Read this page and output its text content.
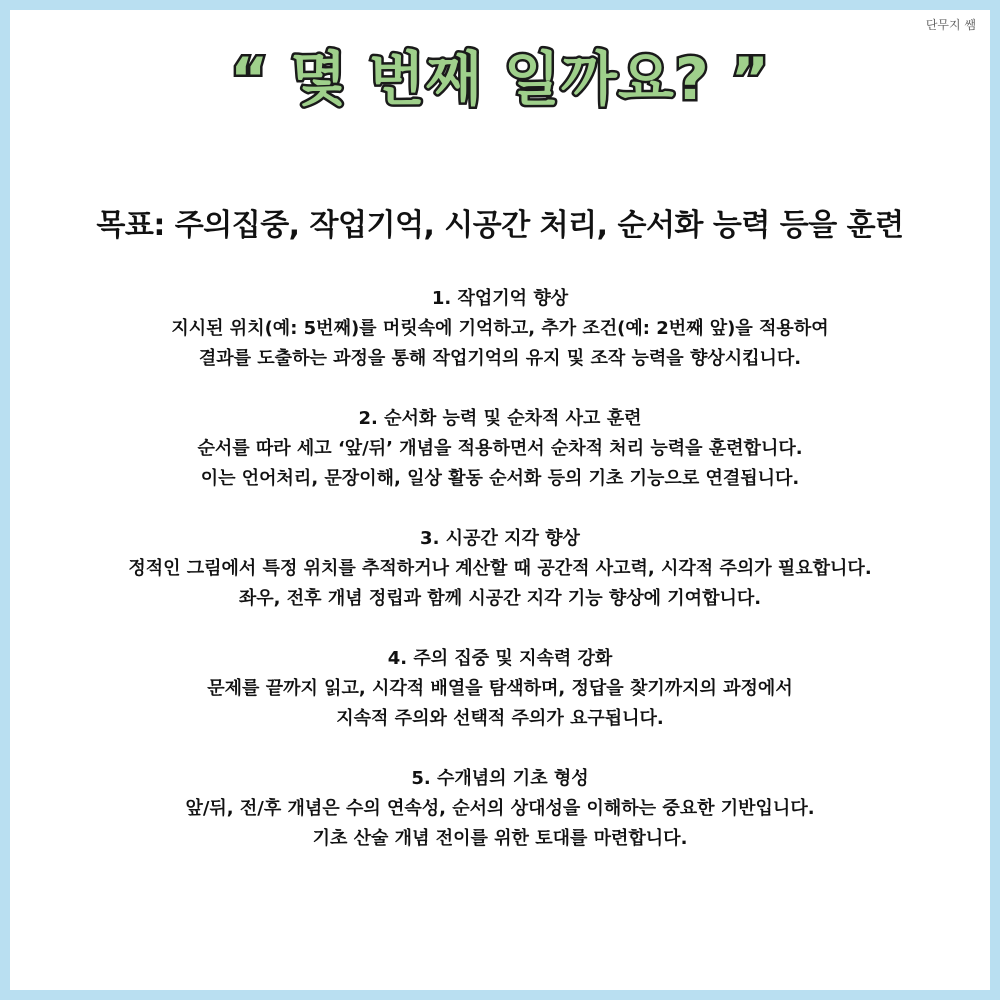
단무지 쌤
“ 몇 번째 일까요? ”
목표: 주의집중, 작업기억, 시공간 처리, 순서화 능력 등을 훈련
1. 작업기억 향상
지시된 위치(예: 5번째)를 머릿속에 기억하고, 추가 조건(예: 2번째 앞)을 적용하여
결과를 도출하는 과정을 통해 작업기억의 유지 및 조작 능력을 향상시킵니다.
2. 순서화 능력 및 순차적 사고 훈련
순서를 따라 세고 ‘앞/뒤’ 개념을 적용하면서 순차적 처리 능력을 훈련합니다.
이는 언어처리, 문장이해, 일상 활동 순서화 등의 기초 기능으로 연결됩니다.
3. 시공간 지각 향상
정적인 그림에서 특정 위치를 추적하거나 계산할 때 공간적 사고력, 시각적 주의가 필요합니다.
좌우, 전후 개념 정립과 함께 시공간 지각 기능 향상에 기여합니다.
4. 주의 집중 및 지속력 강화
문제를 끝까지 읽고, 시각적 배열을 탐색하며, 정답을 찾기까지의 과정에서
지속적 주의와 선택적 주의가 요구됩니다.
5. 수개념의 기초 형성
앞/뒤, 전/후 개념은 수의 연속성, 순서의 상대성을 이해하는 중요한 기반입니다.
기초 산술 개념 전이를 위한 토대를 마련합니다.
